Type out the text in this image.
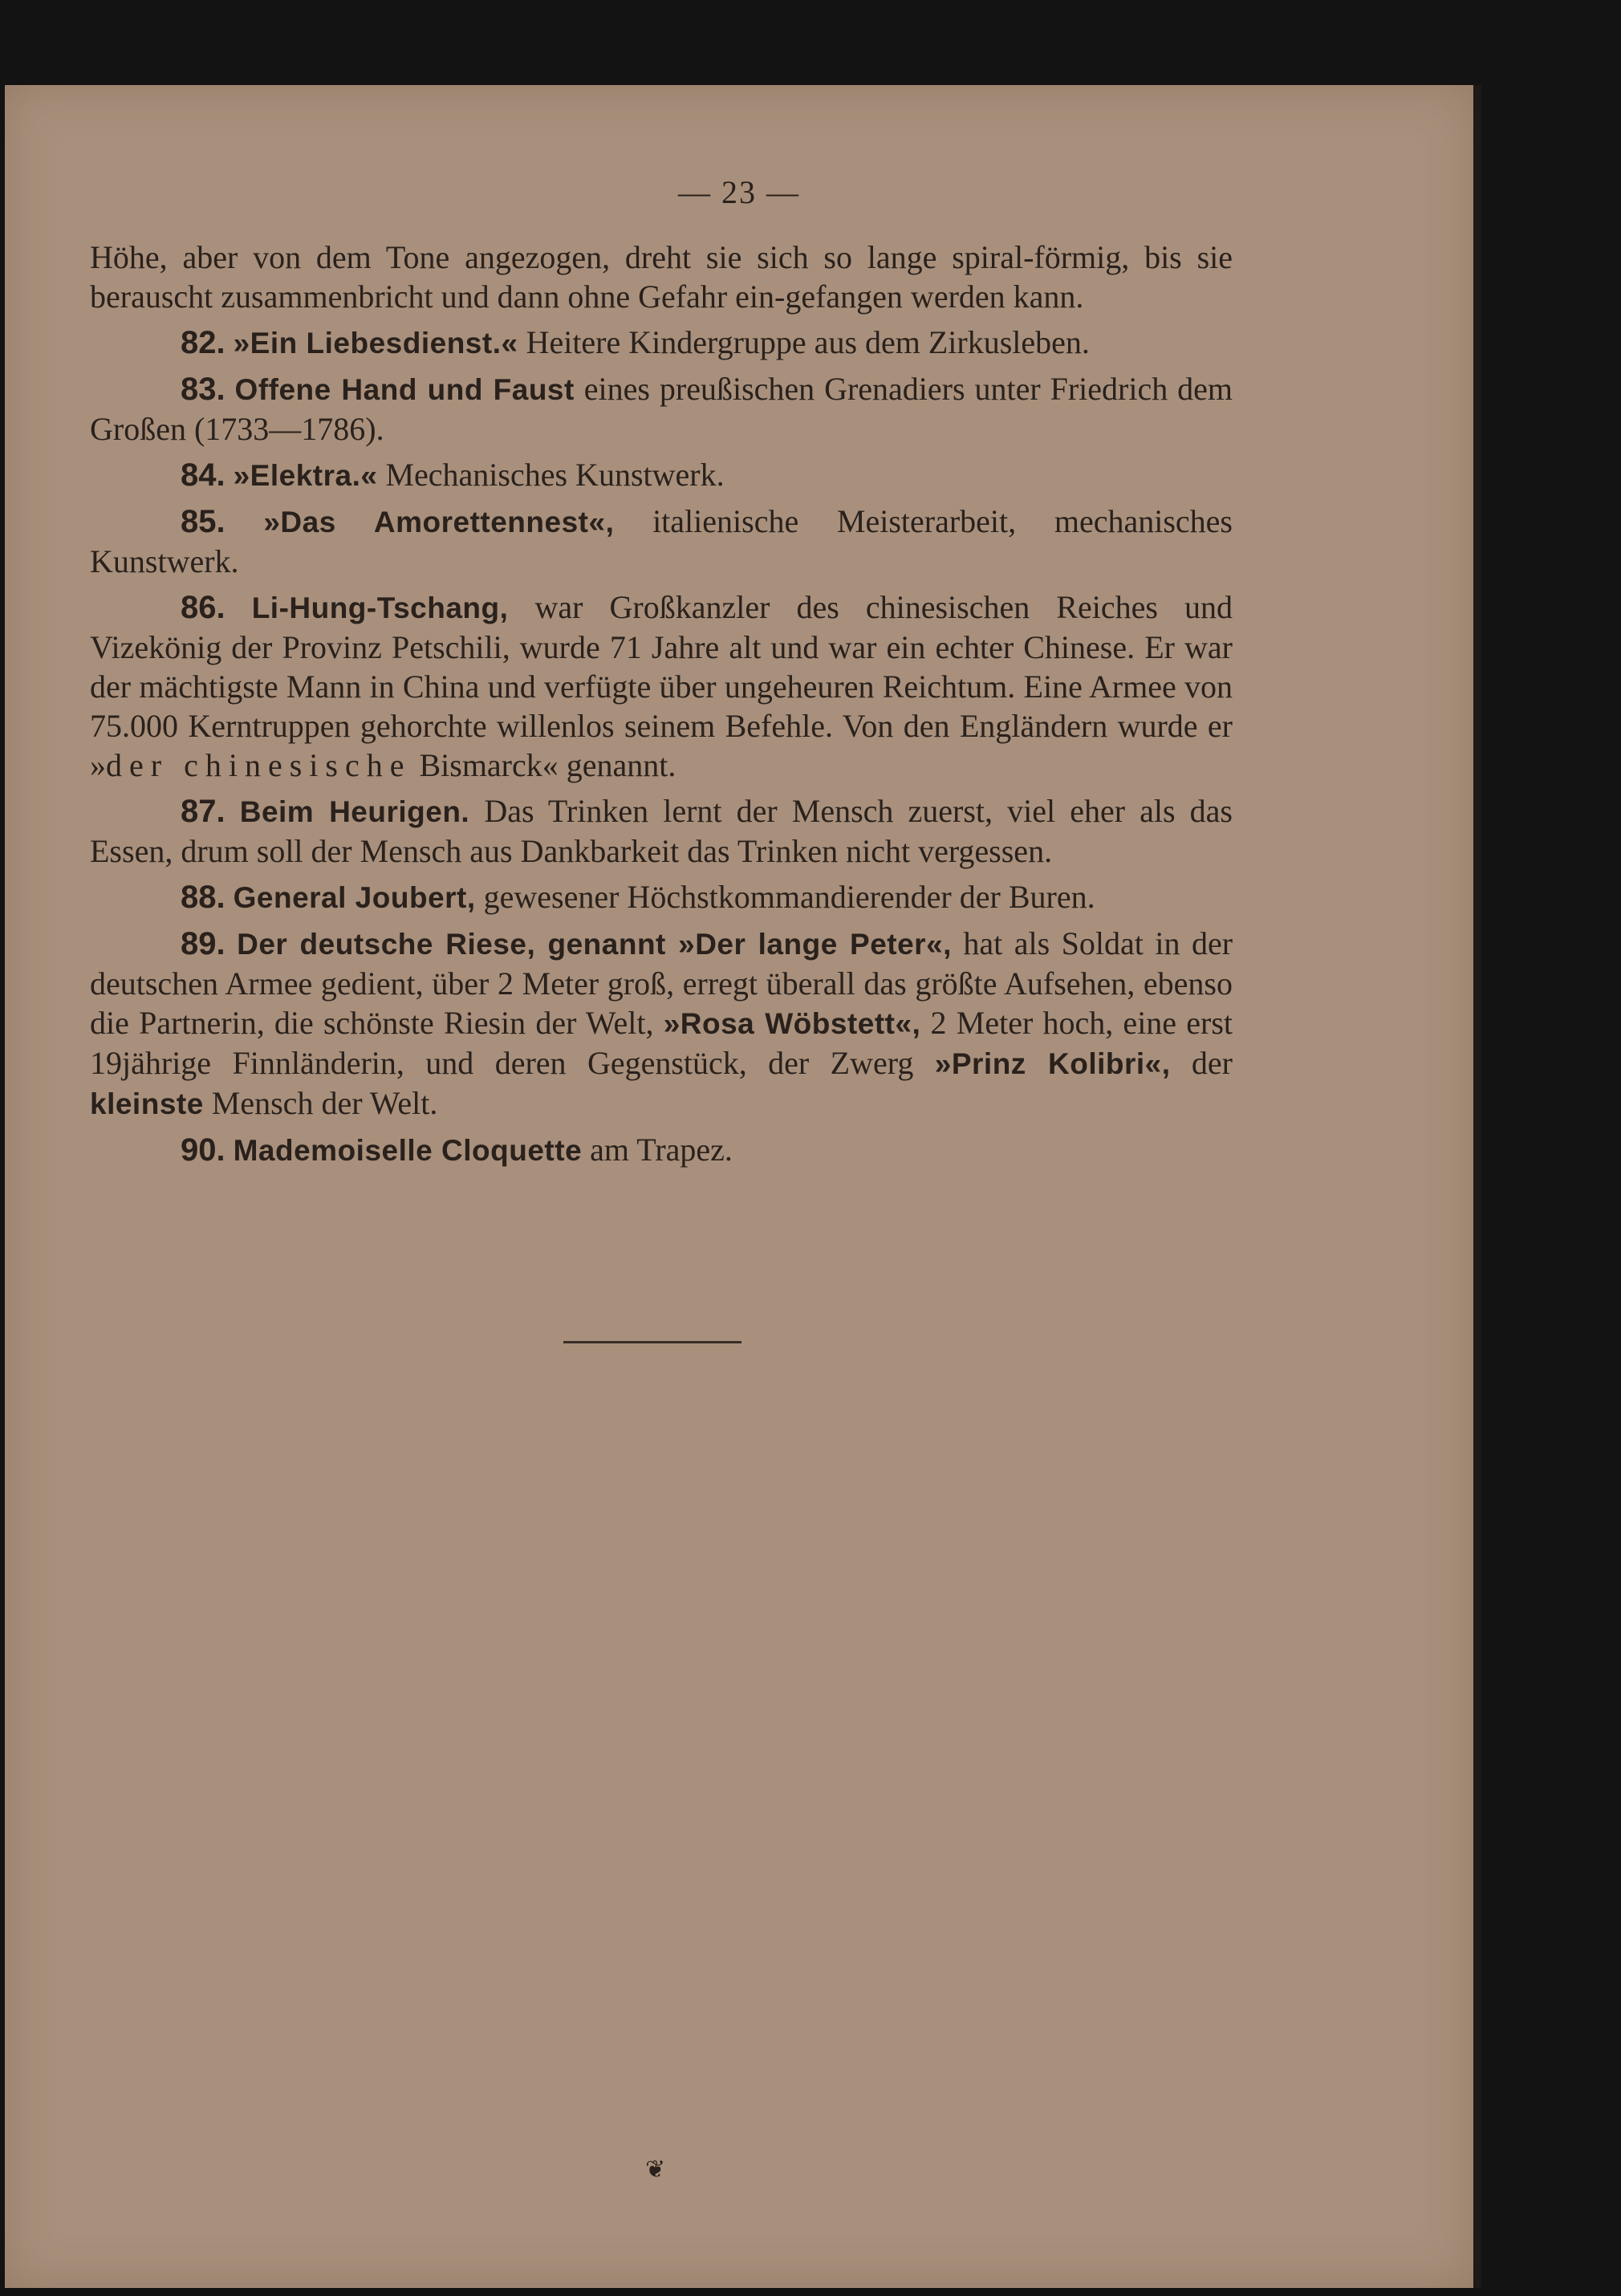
— 23 —

Höhe, aber von dem Tone angezogen, dreht sie sich so lange spiral-förmig, bis sie berauscht zusammenbricht und dann ohne Gefahr ein-gefangen werden kann.

82. »Ein Liebesdienst.« Heitere Kindergruppe aus dem Zirkusleben.

83. Offene Hand und Faust eines preußischen Grenadiers unter Friedrich dem Großen (1733—1786).

84. »Elektra.« Mechanisches Kunstwerk.

85. »Das Amorettennest«, italienische Meisterarbeit, mechanisches Kunstwerk.

86. Li-Hung-Tschang, war Großkanzler des chinesischen Reiches und Vizekönig der Provinz Petschili, wurde 71 Jahre alt und war ein echter Chinese. Er war der mächtigste Mann in China und verfügte über ungeheuren Reichtum. Eine Armee von 75.000 Kerntruppen gehorchte willenlos seinem Befehle. Von den Engländern wurde er »der chinesische Bismarck« genannt.

87. Beim Heurigen. Das Trinken lernt der Mensch zuerst, viel eher als das Essen, drum soll der Mensch aus Dankbarkeit das Trinken nicht vergessen.

88. General Joubert, gewesener Höchstkommandierender der Buren.

89. Der deutsche Riese, genannt »Der lange Peter«, hat als Soldat in der deutschen Armee gedient, über 2 Meter groß, erregt überall das größte Aufsehen, ebenso die Partnerin, die schönste Riesin der Welt, »Rosa Wöbstett«, 2 Meter hoch, eine erst 19jährige Finnländerin, und deren Gegenstück, der Zwerg »Prinz Kolibri«, der kleinste Mensch der Welt.

90. Mademoiselle Cloquette am Trapez.

❦
